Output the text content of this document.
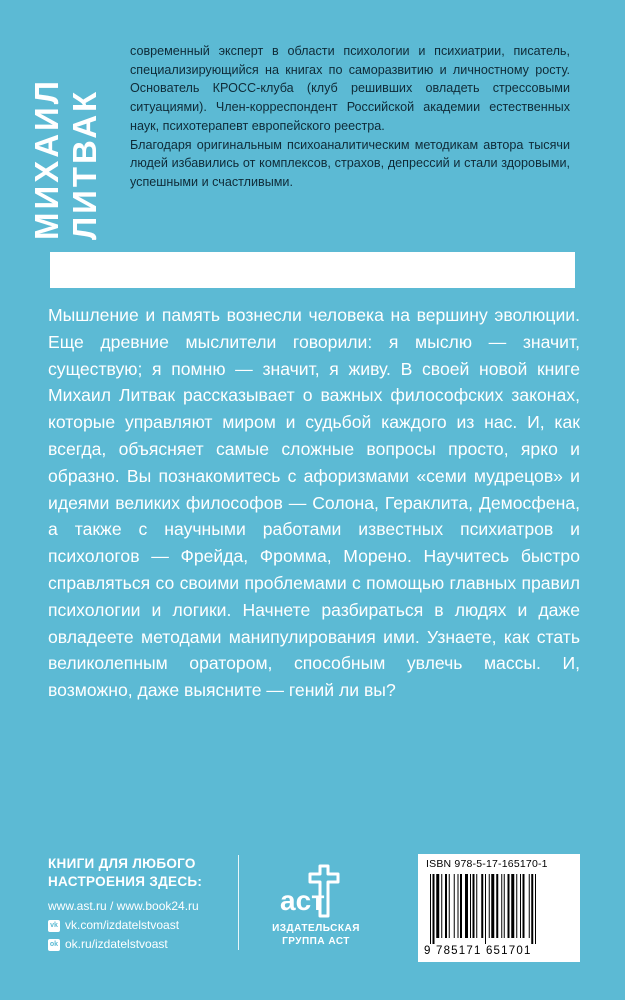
МИХАИЛ ЛИТВАК

современный эксперт в области психологии и психиатрии, писатель, специализирующийся на книгах по саморазвитию и личностному росту. Основатель КРОСС-клуба (клуб решивших овладеть стрессовыми ситуациями). Член-корреспондент Российской академии естественных наук, психотерапевт европейского реестра.

Благодаря оригинальным психоаналитическим методикам автора тысячи людей избавились от комплексов, страхов, депрессий и стали здоровыми, успешными и счастливыми.

Мышление и память вознесли человека на вершину эволюции. Еще древние мыслители говорили: я мыслю — значит, существую; я помню — значит, я живу. В своей новой книге Михаил Литвак рассказывает о важных философских законах, которые управляют миром и судьбой каждого из нас. И, как всегда, объясняет самые сложные вопросы просто, ярко и образно. Вы познакомитесь с афоризмами «семи мудрецов» и идеями великих философов — Солона, Гераклита, Демосфена, а также с научными работами известных психиатров и психологов — Фрейда, Фромма, Морено. Научитесь быстро справляться со своими проблемами с помощью главных правил психологии и логики. Начнете разбираться в людях и даже овладеете методами манипулирования ими. Узнаете, как стать великолепным оратором, способным увлечь массы. И, возможно, даже выясните — гений ли вы?
КНИГИ ДЛЯ ЛЮБОГО
НАСТРОЕНИЯ ЗДЕСЬ:
www.ast.ru / www.book24.ru
vk vk.com/izdatelstvoast
ok ok.ru/izdatelstvoast
аст
ИЗДАТЕЛЬСКАЯ
ГРУППА АСТ
ISBN 978-5-17-165170-1
9 785171 651701
